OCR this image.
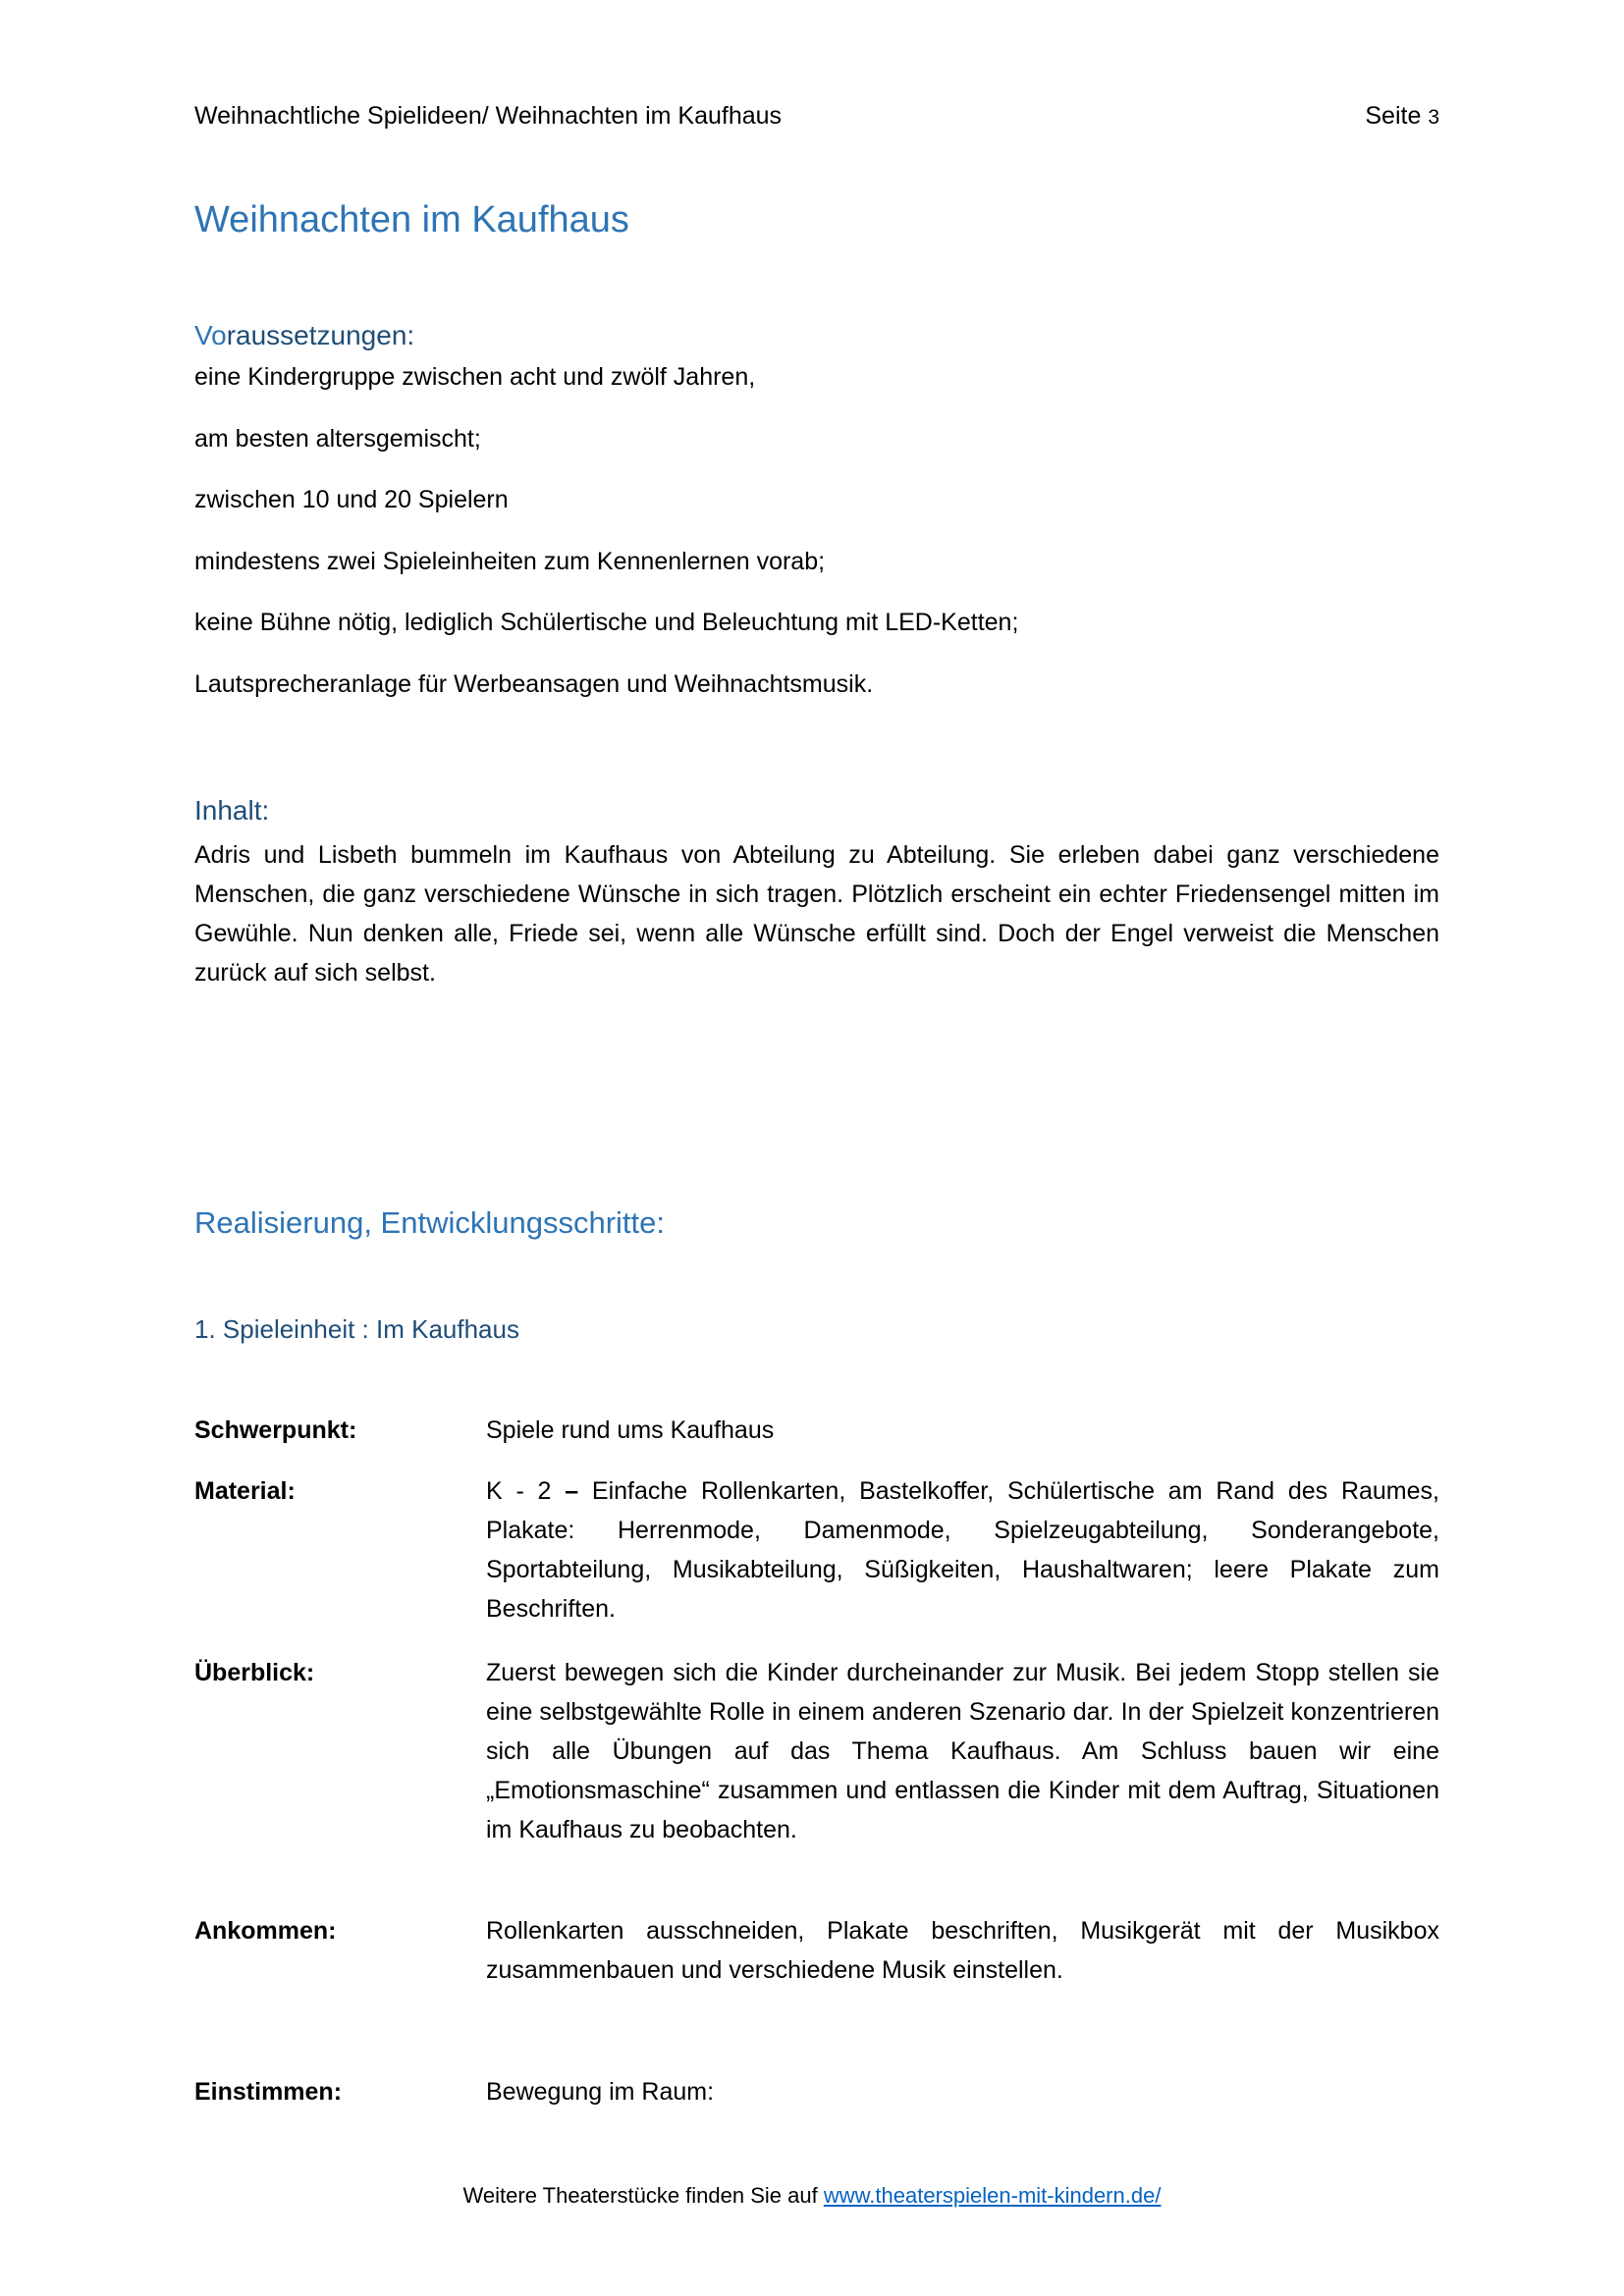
Weihnachtliche Spielideen/ Weihnachten im Kaufhaus	Seite 3
Weihnachten im Kaufhaus
Voraussetzungen:
eine Kindergruppe zwischen acht und zwölf Jahren,
am besten altersgemischt;
zwischen 10 und 20 Spielern
mindestens zwei Spieleinheiten zum Kennenlernen vorab;
keine Bühne nötig, lediglich Schülertische und Beleuchtung mit LED-Ketten;
Lautsprecheranlage für Werbeansagen und Weihnachtsmusik.
Inhalt:

Adris und Lisbeth bummeln im Kaufhaus von Abteilung zu Abteilung. Sie erleben dabei ganz verschiedene Menschen, die ganz verschiedene Wünsche in sich tragen. Plötzlich erscheint ein echter Friedensengel mitten im Gewühle. Nun denken alle, Friede sei, wenn alle Wünsche erfüllt sind. Doch der Engel verweist die Menschen zurück auf sich selbst.

Realisierung, Entwicklungsschritte:
1. Spieleinheit : Im Kaufhaus
Schwerpunkt:	Spiele rund ums Kaufhaus

Material:	K - 2 – Einfache Rollenkarten, Bastelkoffer, Schülertische am Rand des Raumes, Plakate: Herrenmode, Damenmode, Spielzeugabteilung, Sonderangebote, Sportabteilung, Musikabteilung, Süßigkeiten, Haushaltwaren; leere Plakate zum Beschriften.

Überblick:	Zuerst bewegen sich die Kinder durcheinander zur Musik. Bei jedem Stopp stellen sie eine selbstgewählte Rolle in einem anderen Szenario dar. In der Spielzeit konzentrieren sich alle Übungen auf das Thema Kaufhaus. Am Schluss bauen wir eine „Emotionsmaschine“ zusammen und entlassen die Kinder mit dem Auftrag, Situationen im Kaufhaus zu beobachten.

Ankommen:	Rollenkarten ausschneiden, Plakate beschriften, Musikgerät mit der Musikbox zusammenbauen und verschiedene Musik einstellen.

Einstimmen:	Bewegung im Raum:

Weitere Theaterstücke finden Sie auf www.theaterspielen-mit-kindern.de/
